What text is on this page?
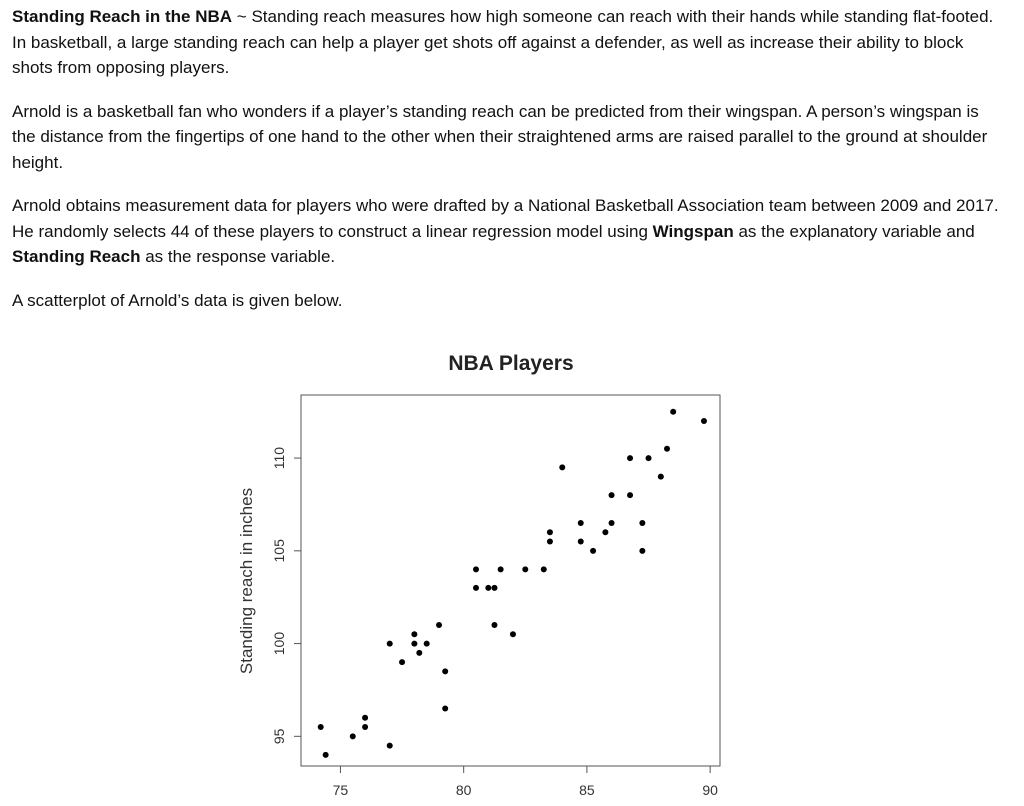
Standing Reach in the NBA ~ Standing reach measures how high someone can reach with their hands while standing flat-footed. In basketball, a large standing reach can help a player get shots off against a defender, as well as increase their ability to block shots from opposing players.

Arnold is a basketball fan who wonders if a player’s standing reach can be predicted from their wingspan. A person’s wingspan is the distance from the fingertips of one hand to the other when their straightened arms are raised parallel to the ground at shoulder height.

Arnold obtains measurement data for players who were drafted by a National Basketball Association team between 2009 and 2017. He randomly selects 44 of these players to construct a linear regression model using Wingspan as the explanatory variable and Standing Reach as the response variable.

A scatterplot of Arnold’s data is given below.

NBA Players
75	80	85	90
95
100
105
110
Standing reach in inches
